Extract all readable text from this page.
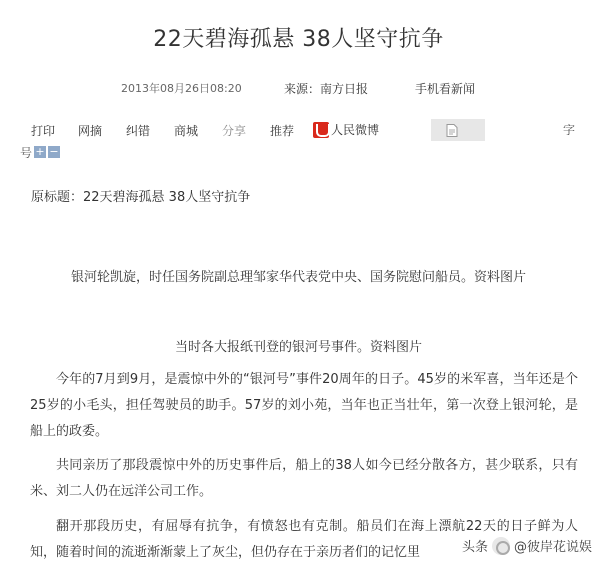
22天碧海孤悬 38人坚守抗争
2013年08月26日08:20	来源：南方日报	手机看新闻
打印 网摘 纠错 商城 分享 推荐	人民微博	字
号 + −
原标题：22天碧海孤悬 38人坚守抗争
银河轮凯旋，时任国务院副总理邹家华代表党中央、国务院慰问船员。资料图片
当时各大报纸刊登的银河号事件。资料图片

今年的7月到9月，是震惊中外的“银河号”事件20周年的日子。45岁的米军喜，当年还是个25岁的小毛头，担任驾驶员的助手。57岁的刘小苑，当年也正当壮年，第一次登上银河轮，是船上的政委。

共同亲历了那段震惊中外的历史事件后，船上的38人如今已经分散各方，甚少联系，只有米、刘二人仍在远洋公司工作。

翻开那段历史，有屈辱有抗争，有愤怒也有克制。船员们在海上漂航22天的日子鲜为人知，随着时间的流逝渐渐蒙上了灰尘，但仍存在于亲历者们的记忆里	头条 @彼岸花说娱
